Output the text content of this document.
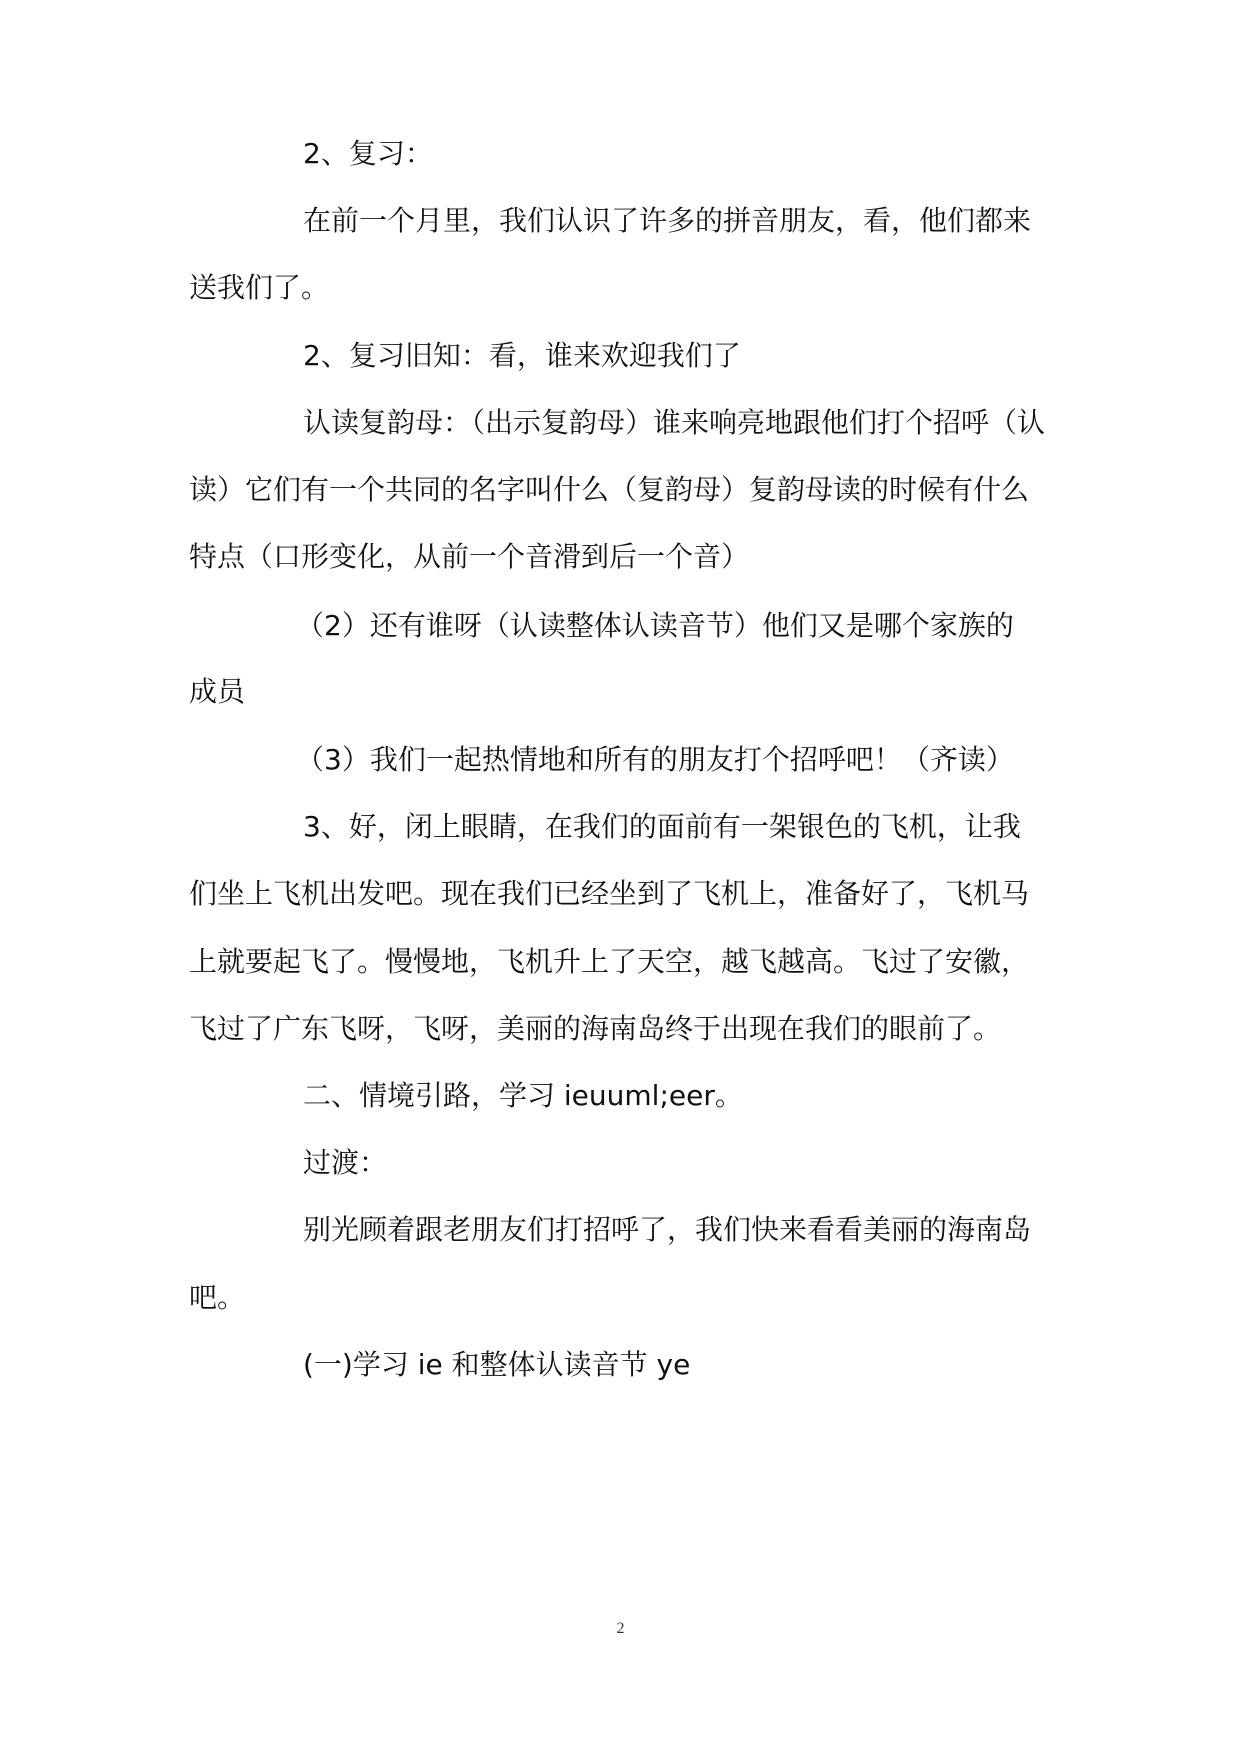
2、复习：
在前一个月里，我们认识了许多的拼音朋友，看，他们都来
送我们了。
2、复习旧知：看，谁来欢迎我们了
认读复韵母：（出示复韵母）谁来响亮地跟他们打个招呼（认
读）它们有一个共同的名字叫什么（复韵母）复韵母读的时候有什么
特点（口形变化，从前一个音滑到后一个音）
（2）还有谁呀（认读整体认读音节）他们又是哪个家族的
成员
（3）我们一起热情地和所有的朋友打个招呼吧！（齐读）
3、好，闭上眼睛，在我们的面前有一架银色的飞机，让我
们坐上飞机出发吧。现在我们已经坐到了飞机上，准备好了，飞机马
上就要起飞了。慢慢地，飞机升上了天空，越飞越高。飞过了安徽，
飞过了广东飞呀，飞呀，美丽的海南岛终于出现在我们的眼前了。
二、情境引路，学习 ieuuml;eer。
过渡：
别光顾着跟老朋友们打招呼了，我们快来看看美丽的海南岛
吧。
(一)学习 ie 和整体认读音节 ye
2
